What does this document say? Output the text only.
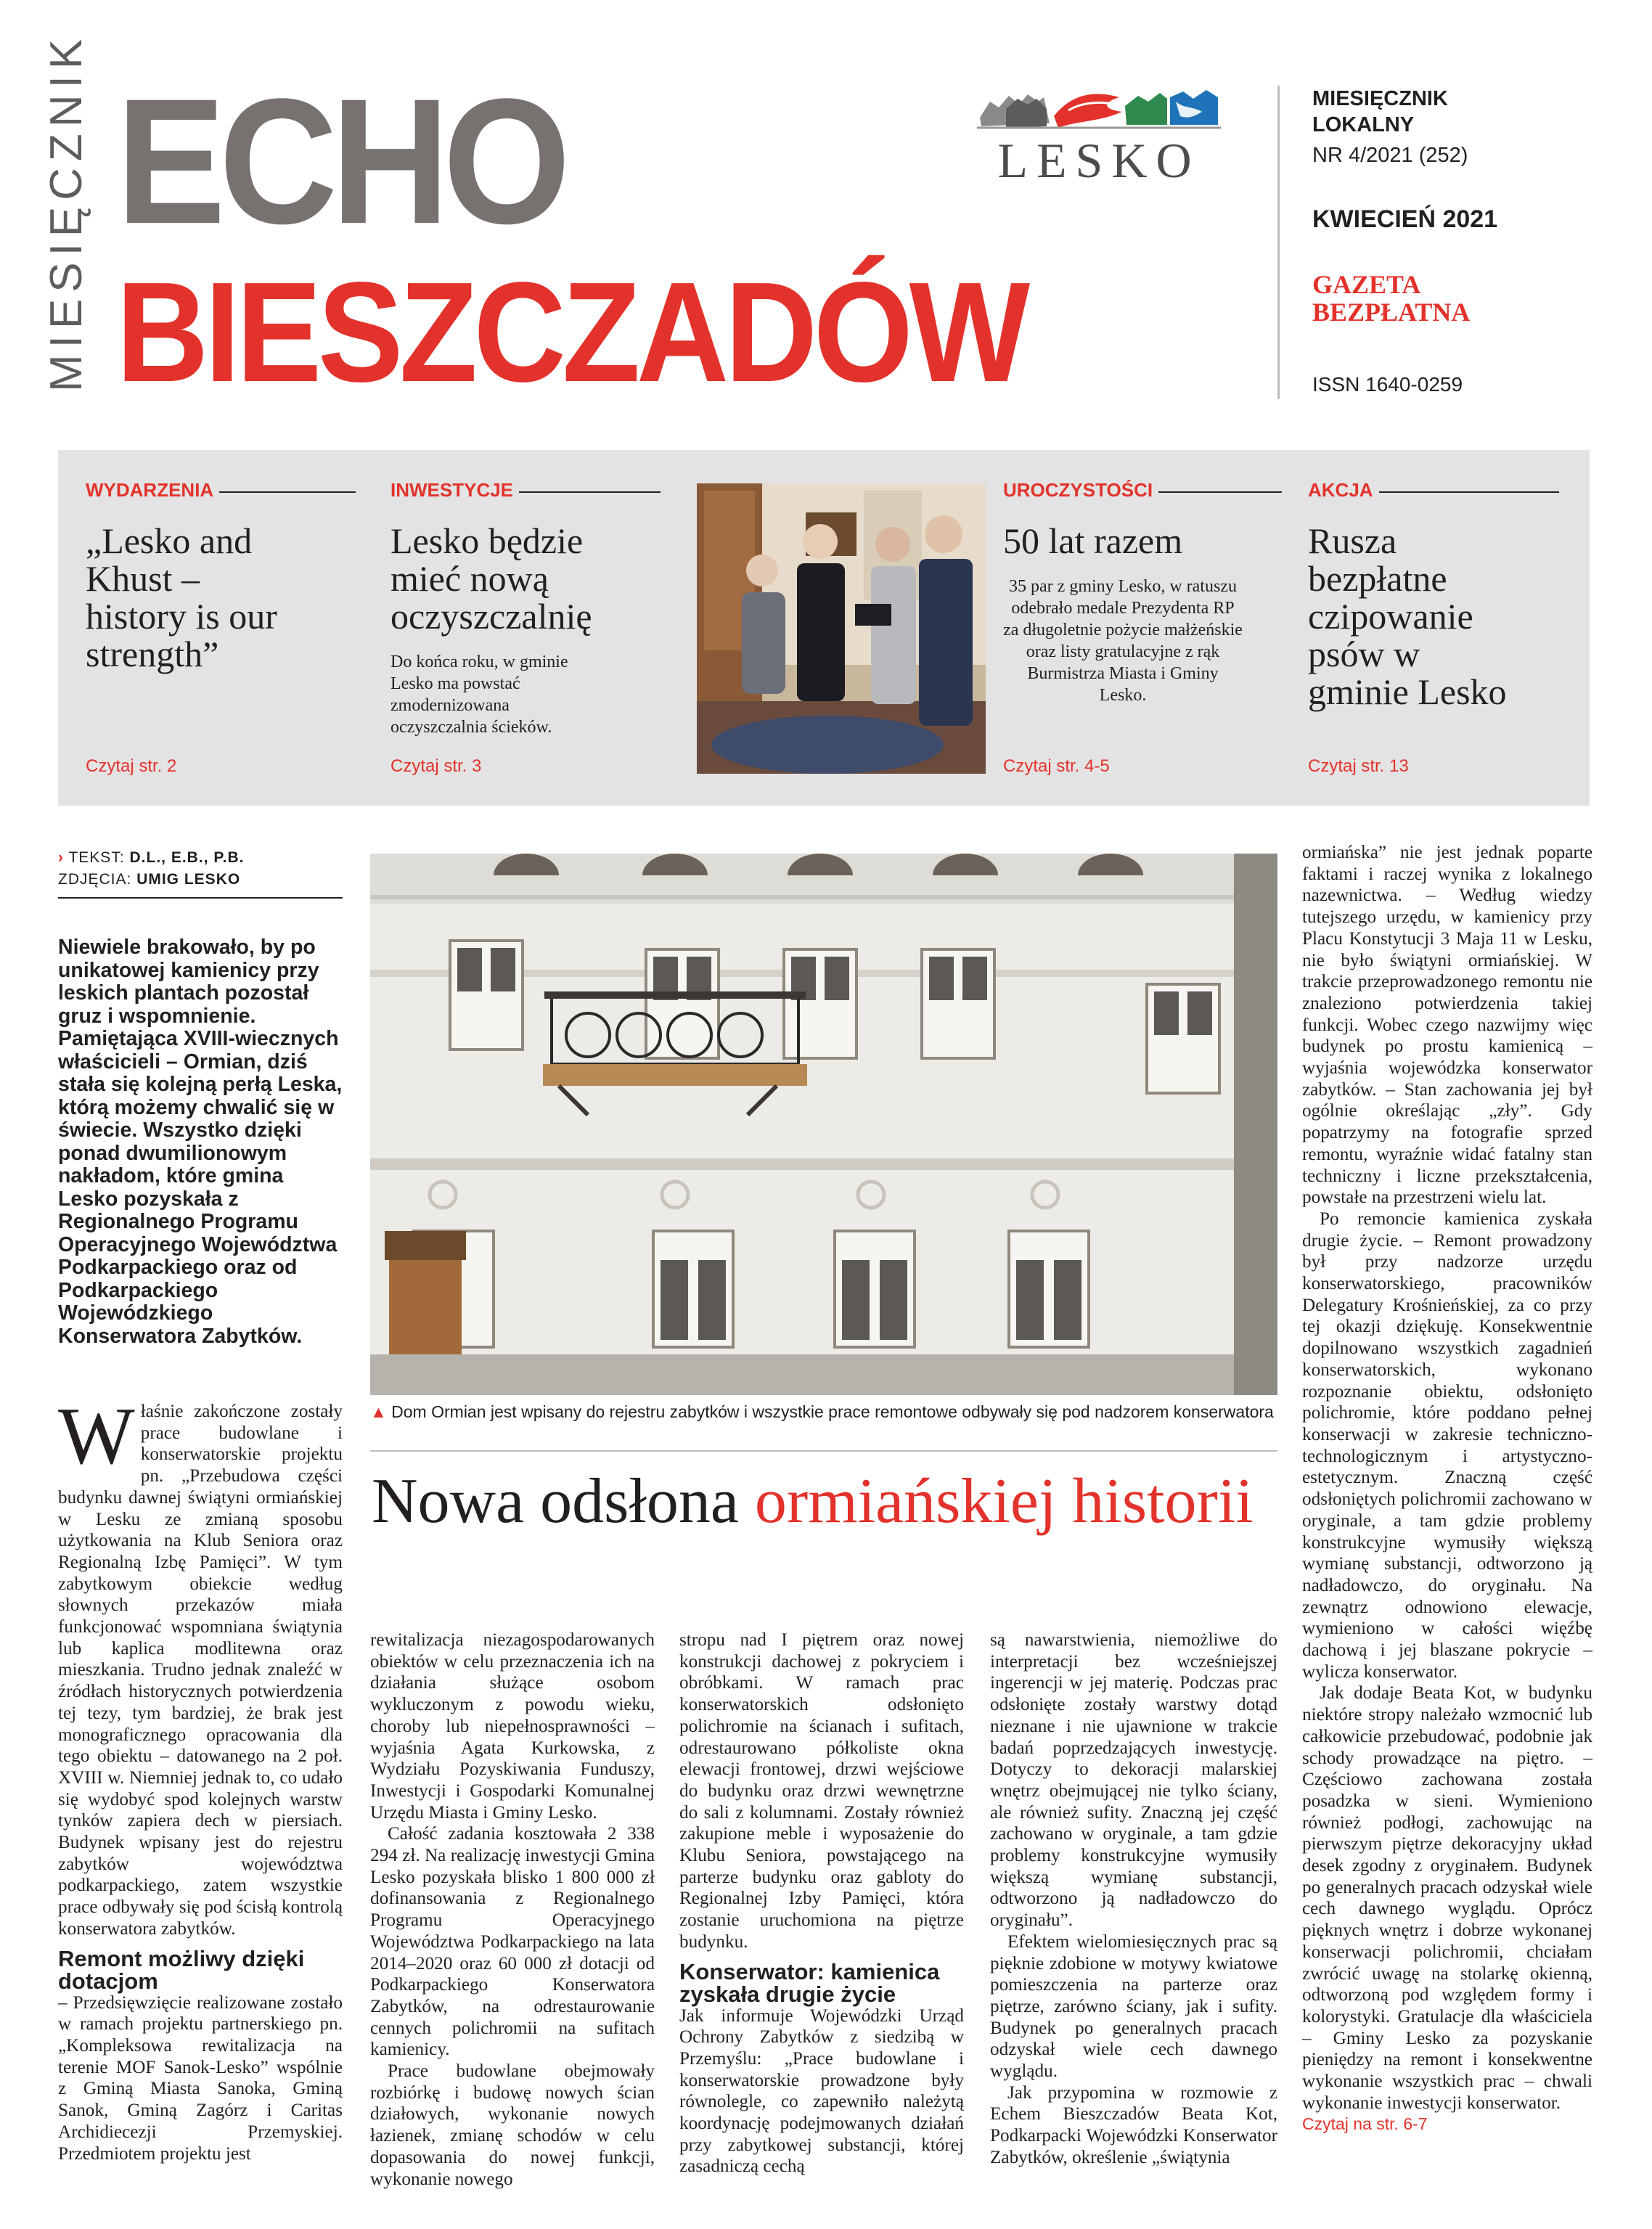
MIESIĘCZNIK ECHO
BIESZCZADÓW
LESKO
MIESIĘCZNIK
LOKALNY
NR 4/2021 (252)
KWIECIEŃ 2021
GAZETA
BEZPŁATNA
ISSN 1640-0259
WYDARZENIA
„Lesko and Khust – history is our strength”
Czytaj str. 2
INWESTYCJE
Lesko będzie mieć nową oczyszczalnię
Do końca roku, w gminie Lesko ma powstać zmodernizowana oczyszczalnia ścieków.
Czytaj str. 3
UROCZYSTOŚCI
50 lat razem
35 par z gminy Lesko, w ratuszu odebrało medale Prezydenta RP za długoletnie pożycie małżeńskie oraz listy gratulacyjne z rąk Burmistrza Miasta i Gminy Lesko.
Czytaj str. 4-5
AKCJA
Rusza bezpłatne czipowanie psów w gminie Lesko
Czytaj str. 13
› TEKST: D.L., E.B., P.B.
ZDJĘCIA: UMIG LESKO
Niewiele brakowało, by po unikatowej kamienicy przy leskich plantach pozostał gruz i wspomnienie. Pamiętająca XVIII-wiecznych właścicieli – Ormian, dziś stała się kolejną perłą Leska, którą możemy chwalić się w świecie. Wszystko dzięki ponad dwumilionowym nakładom, które gmina Lesko pozyskała z Regionalnego Programu Operacyjnego Województwa Podkarpackiego oraz od Podkarpackiego Wojewódzkiego Konserwatora Zabytków.
▲ Dom Ormian jest wpisany do rejestru zabytków i wszystkie prace remontowe odbywały się pod nadzorem konserwatora
Nowa odsłona ormiańskiej historii

Właśnie zakończone zostały prace budowlane i konserwatorskie projektu pn. „Przebudowa części budynku dawnej świątyni ormiańskiej w Lesku ze zmianą sposobu użytkowania na Klub Seniora oraz Regionalną Izbę Pamięci”. W tym zabytkowym obiekcie według słownych przekazów miała funkcjonować wspomniana świątynia lub kaplica modlitewna oraz mieszkania. Trudno jednak znaleźć w źródłach historycznych potwierdzenia tej tezy, tym bardziej, że brak jest monograficznego opracowania dla tego obiektu – datowanego na 2 poł. XVIII w. Niemniej jednak to, co udało się wydobyć spod kolejnych warstw tynków zapiera dech w piersiach. Budynek wpisany jest do rejestru zabytków województwa podkarpackiego, zatem wszystkie prace odbywały się pod ścisłą kontrolą konserwatora zabytków.

Remont możliwy dzięki dotacjom

– Przedsięwzięcie realizowane zostało w ramach projektu partnerskiego pn. „Kompleksowa rewitalizacja na terenie MOF Sanok-Lesko” wspólnie z Gminą Miasta Sanoka, Gminą Sanok, Gminą Zagórz i Caritas Archidiecezji Przemyskiej. Przedmiotem projektu jest

rewitalizacja niezagospodarowanych obiektów w celu przeznaczenia ich na działania służące osobom wykluczonym z powodu wieku, choroby lub niepełnosprawności – wyjaśnia Agata Kurkowska, z Wydziału Pozyskiwania Funduszy, Inwestycji i Gospodarki Komunalnej Urzędu Miasta i Gminy Lesko.

Całość zadania kosztowała 2 338 294 zł. Na realizację inwestycji Gmina Lesko pozyskała blisko 1 800 000 zł dofinansowania z Regionalnego Programu Operacyjnego Województwa Podkarpackiego na lata 2014–2020 oraz 60 000 zł dotacji od Podkarpackiego Konserwatora Zabytków, na odrestaurowanie cennych polichromii na sufitach kamienicy.

Prace budowlane obejmowały rozbiórkę i budowę nowych ścian działowych, wykonanie nowych łazienek, zmianę schodów w celu dopasowania do nowej funkcji, wykonanie nowego

stropu nad I piętrem oraz nowej konstrukcji dachowej z pokryciem i obróbkami. W ramach prac konserwatorskich odsłonięto polichromie na ścianach i sufitach, odrestaurowano półkoliste okna elewacji frontowej, drzwi wejściowe do budynku oraz drzwi wewnętrzne do sali z kolumnami. Zostały również zakupione meble i wyposażenie do Klubu Seniora, powstającego na parterze budynku oraz gabloty do Regionalnej Izby Pamięci, która zostanie uruchomiona na piętrze budynku.

Konserwator: kamienica zyskała drugie życie

Jak informuje Wojewódzki Urząd Ochrony Zabytków z siedzibą w Przemyślu: „Prace budowlane i konserwatorskie prowadzone były równolegle, co zapewniło należytą koordynację podejmowanych działań przy zabytkowej substancji, której zasadniczą cechą

są nawarstwienia, niemożliwe do interpretacji bez wcześniejszej ingerencji w jej materię. Podczas prac odsłonięte zostały warstwy dotąd nieznane i nie ujawnione w trakcie badań poprzedzających inwestycję. Dotyczy to dekoracji malarskiej wnętrz obejmującej nie tylko ściany, ale również sufity. Znaczną jej część zachowano w oryginale, a tam gdzie problemy konstrukcyjne wymusiły większą wymianę substancji, odtworzono ją nadładowczo do oryginału”.

Efektem wielomiesięcznych prac są pięknie zdobione w motywy kwiatowe pomieszczenia na parterze oraz piętrze, zarówno ściany, jak i sufity. Budynek po generalnych pracach odzyskał wiele cech dawnego wyglądu.

Jak przypomina w rozmowie z Echem Bieszczadów Beata Kot, Podkarpacki Wojewódzki Konserwator Zabytków, określenie „świątynia

ormiańska” nie jest jednak poparte faktami i raczej wynika z lokalnego nazewnictwa. – Według wiedzy tutejszego urzędu, w kamienicy przy Placu Konstytucji 3 Maja 11 w Lesku, nie było świątyni ormiańskiej. W trakcie przeprowadzonego remontu nie znaleziono potwierdzenia takiej funkcji. Wobec czego nazwijmy więc budynek po prostu kamienicą – wyjaśnia wojewódzka konserwator zabytków. – Stan zachowania jej był ogólnie określając „zły”. Gdy popatrzymy na fotografie sprzed remontu, wyraźnie widać fatalny stan techniczny i liczne przekształcenia, powstałe na przestrzeni wielu lat.

Po remoncie kamienica zyskała drugie życie. – Remont prowadzony był przy nadzorze urzędu konserwatorskiego, pracowników Delegatury Krośnieńskiej, za co przy tej okazji dziękuję. Konsekwentnie dopilnowano wszystkich zagadnień konserwatorskich, wykonano rozpoznanie obiektu, odsłonięto polichromie, które poddano pełnej konserwacji w zakresie techniczno-technologicznym i artystyczno-estetycznym. Znaczną część odsłoniętych polichromii zachowano w oryginale, a tam gdzie problemy konstrukcyjne wymusiły większą wymianę substancji, odtworzono ją nadładowczo, do oryginału. Na zewnątrz odnowiono elewacje, wymieniono w całości więźbę dachową i jej blaszane pokrycie – wylicza konserwator.

Jak dodaje Beata Kot, w budynku niektóre stropy należało wzmocnić lub całkowicie przebudować, podobnie jak schody prowadzące na piętro. – Częściowo zachowana została posadzka w sieni. Wymieniono również podłogi, zachowując na pierwszym piętrze dekoracyjny układ desek zgodny z oryginałem. Budynek po generalnych pracach odzyskał wiele cech dawnego wyglądu. Oprócz pięknych wnętrz i dobrze wykonanej konserwacji polichromii, chciałam zwrócić uwagę na stolarkę okienną, odtworzoną pod względem formy i kolorystyki. Gratulacje dla właściciela – Gminy Lesko za pozyskanie pieniędzy na remont i konsekwentne wykonanie wszystkich prac – chwali wykonanie inwestycji konserwator.

Czytaj na str. 6-7
